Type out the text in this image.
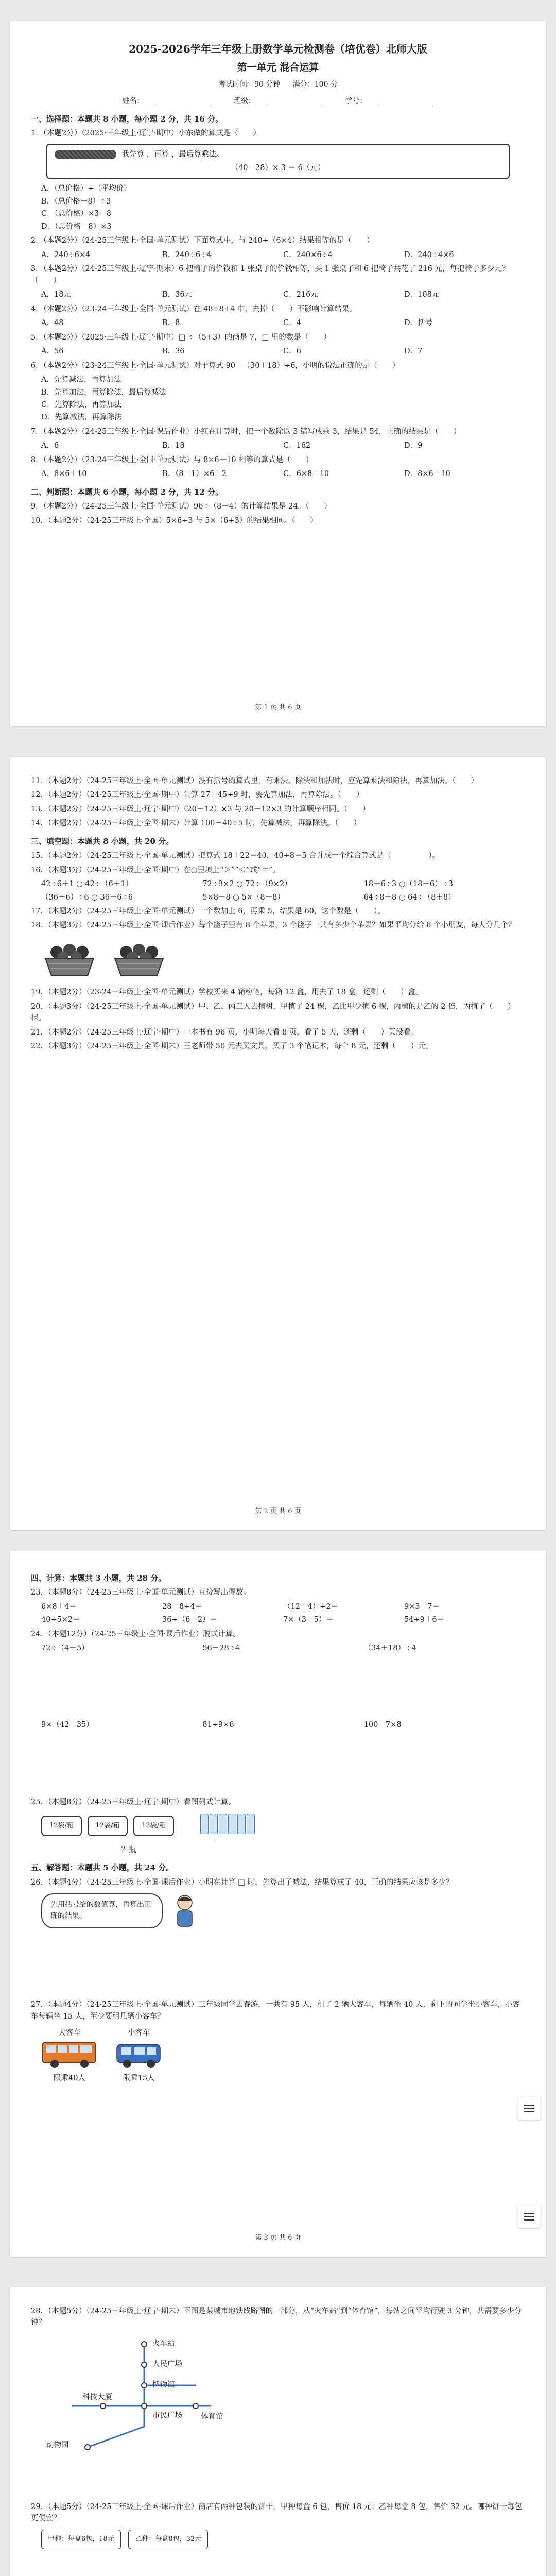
2025-2026学年三年级上册数学单元检测卷（培优卷）北师大版
第一单元 混合运算
考试时间：90 分钟 满分：100 分
姓名：	班级：	学号：
一、选择题：本题共 8 小题，每小题 2 分，共 16 分。
1．（本题2分）（2025·三年级上·辽宁·期中）小东做的算式是（　　）
我先算 ，再算 ，最后算乘法。
（40－28）× 3 ＝ 6（元）
A．（总价格）÷（平均价）
B．（总价格－8）÷3
C．（总价格）×3－8
D．（总价格－8）×3
2．（本题2分）（24-25三年级上·全国·单元测试）下面算式中，与 240÷（6×4）结果相等的是（　　）
A．240÷6×4	B．240÷6÷4	C．240×6÷4	D．240÷4×6
3．（本题2分）（24-25三年级上·辽宁·期末）6 把椅子的价钱和 1 张桌子的价钱相等，买 1 张桌子和 6 把椅子共花了 216 元，每把椅子多少元？（　　）
A．18元	B．36元	C．216元	D．108元
4．（本题2分）（23-24三年级上·全国·单元测试）在 48÷8+4 中，去掉（　　）不影响计算结果。
A．48	B．8	C．4	D．括号
5．（本题2分）（2025·三年级上·辽宁·期中）□ ÷（5+3）的商是 7，□ 里的数是（　　）
A．56	B．36	C．6	D．7
6．（本题2分）（23-24三年级上·全国·单元测试）对于算式 90－（30＋18）÷6，小明的说法正确的是（　　）
A．先算减法，再算加法
B．先算加法，再算除法，最后算减法
C．先算除法，再算加法
D．先算减法，再算除法
7．（本题2分）（24-25三年级上·全国·课后作业）小红在计算时，把一个数除以 3 错写成乘 3，结果是 54，正确的结果是（　　）
A．6	B．18	C．162	D．9
8．（本题2分）（23-24三年级上·全国·单元测试）与 8×6－10 相等的算式是（　　）
A．8×6＋10	B．（8－1）×6＋2	C．6×8＋10	D．8×6－10
二、判断题：本题共 6 小题，每小题 2 分，共 12 分。
9．（本题2分）（24-25三年级上·全国·单元测试）96÷（8－4）的计算结果是 24。（　　）
10．（本题2分）（24-25三年级上·全国）5×6÷3 与 5×（6÷3）的结果相同。（　　）
第 1 页 共 6 页
11．（本题2分）（24-25三年级上·全国·单元测试）没有括号的算式里，有乘法、除法和加法时，应先算乘法和除法，再算加法。（　　）
12．（本题2分）（24-25三年级上·全国·期中）计算 27＋45÷9 时，要先算加法，再算除法。（　　）
13．（本题2分）（24-25三年级上·辽宁·期中）（20－12）×3 与 20－12×3 的计算顺序相同。（　　）
14．（本题2分）（24-25三年级上·全国·期末）计算 100－40÷5 时，先算减法，再算除法。（　　）
三、填空题：本题共 8 小题，共 20 分。
15．（本题2分）（24-25三年级上·全国·单元测试）把算式 18＋22＝40，40÷8＝5 合并成一个综合算式是（　　　　　）。
16．（本题3分）（24-25三年级上·全国·期中）在○里填上“＞”“＜”或“＝”。
42÷6＋1 ○ 42÷（6＋1）	72÷9×2 ○ 72÷（9×2）	18＋6÷3 ○（18＋6）÷3
（36－6）÷6 ○ 36－6÷6	5×8－8 ○ 5×（8－8）	64÷8＋8 ○ 64÷（8＋8）
17．（本题2分）（24-25三年级上·全国·单元测试）一个数加上 6，再乘 5，结果是 60，这个数是（　　）。
18．（本题3分）（24-25三年级上·全国·课后作业）每个篮子里有 8 个苹果，3 个篮子一共有多少个苹果？如果平均分给 6 个小朋友，每人分几个？

19．（本题2分）（23-24三年级上·全国·单元测试）学校买来 4 箱粉笔，每箱 12 盒，用去了 18 盒，还剩（　　）盒。
20．（本题3分）（24-25三年级上·全国·单元测试）甲、乙、丙三人去植树，甲植了 24 棵，乙比甲少植 6 棵，丙植的是乙的 2 倍，丙植了（　　）棵。
21．（本题2分）（24-25三年级上·辽宁·期中）一本书有 96 页，小明每天看 8 页，看了 5 天，还剩（　　）页没看。
22．（本题3分）（24-25三年级上·全国·期末）王老师带 50 元去买文具，买了 3 个笔记本，每个 8 元，还剩（　　）元。
第 2 页 共 6 页
四、计算：本题共 3 小题，共 28 分。
23．（本题8分）（24-25三年级上·全国·单元测试）直接写出得数。
6×8＋4＝	28－8÷4＝	（12＋4）÷2＝	9×3－7＝
40÷5×2＝	36÷（6－2）＝	7×（3＋5）＝	54÷9＋6＝
24．（本题12分）（24-25三年级上·全国·课后作业）脱式计算。
72÷（4＋5）	56－28÷4	（34＋18）÷4
9×（42－35）	81÷9×6	100－7×8
25．（本题8分）（24-25三年级上·辽宁·期中）看图列式计算。
12袋/箱	12袋/箱	12袋/箱
？瓶
五、解答题：本题共 5 小题，共 24 分。
26．（本题4分）（24-25三年级上·全国·课后作业）小明在计算 □ 时，先算出了减法，结果算成了 40，正确的结果应该是多少？
先用括号给的数值算，再算出正确的结果。
27．（本题4分）（24-25三年级上·全国·单元测试）三年级同学去春游，一共有 95 人，租了 2 辆大客车，每辆坐 40 人，剩下的同学坐小客车，小客车每辆坐 15 人，至少要租几辆小客车？
大客车
限乘40人

小客车
限乘15人
第 3 页 共 6 页
28．（本题5分）（24-25三年级上·辽宁·期末）下图是某城市地铁线路图的一部分，从“火车站”到“体育馆”，每站之间平均行驶 3 分钟，共需要多少分钟？
火车站
人民广场
博物馆
科技大厦
市民广场 体育馆
动物园
29．（本题5分）（24-25三年级上·全国·课后作业）商店有两种包装的饼干，甲种每盒 6 包，售价 18 元；乙种每盒 8 包，售价 32 元。哪种饼干每包更便宜？
甲种：每盒6包，18元	乙种：每盒8包，32元
